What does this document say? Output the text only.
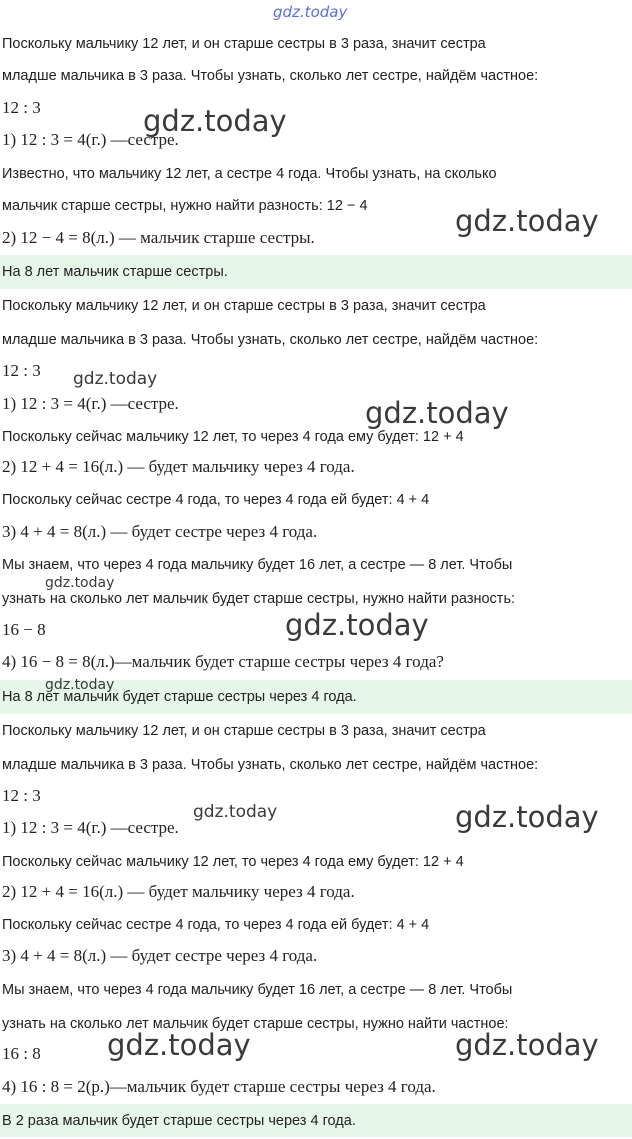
gdz.today
gdz.today
gdz.today
gdz.today
gdz.today
gdz.today
gdz.today
gdz.today
gdz.today	gdz.today
gdz.today	gdz.today
Поскольку мальчику 12 лет, и он старше сестры в 3 раза, значит сестра
младше мальчика в 3 раза. Чтобы узнать, сколько лет сестре, найдём частное:
12 : 3
1) 12 : 3 = 4(г.) —сестре.
Известно, что мальчику 12 лет, а сестре 4 года. Чтобы узнать, на сколько
мальчик старше сестры, нужно найти разность: 12 − 4
2) 12 − 4 = 8(л.) — мальчик старше сестры.
На 8 лет мальчик старше сестры.
Поскольку мальчику 12 лет, и он старше сестры в 3 раза, значит сестра
младше мальчика в 3 раза. Чтобы узнать, сколько лет сестре, найдём частное:
12 : 3
1) 12 : 3 = 4(г.) —сестре.
Поскольку сейчас мальчику 12 лет, то через 4 года ему будет: 12 + 4
2) 12 + 4 = 16(л.) — будет мальчику через 4 года.
Поскольку сейчас сестре 4 года, то через 4 года ей будет: 4 + 4
3) 4 + 4 = 8(л.) — будет сестре через 4 года.
Мы знаем, что через 4 года мальчику будет 16 лет, а сестре — 8 лет. Чтобы
узнать на сколько лет мальчик будет старше сестры, нужно найти разность:
16 − 8
4) 16 − 8 = 8(л.)—мальчик будет старше сестры через 4 года?
На 8 лет мальчик будет старше сестры через 4 года.
Поскольку мальчику 12 лет, и он старше сестры в 3 раза, значит сестра
младше мальчика в 3 раза. Чтобы узнать, сколько лет сестре, найдём частное:
12 : 3
1) 12 : 3 = 4(г.) —сестре.
Поскольку сейчас мальчику 12 лет, то через 4 года ему будет: 12 + 4
2) 12 + 4 = 16(л.) — будет мальчику через 4 года.
Поскольку сейчас сестре 4 года, то через 4 года ей будет: 4 + 4
3) 4 + 4 = 8(л.) — будет сестре через 4 года.
Мы знаем, что через 4 года мальчику будет 16 лет, а сестре — 8 лет. Чтобы
узнать на сколько лет мальчик будет старше сестры, нужно найти частное:
16 : 8
4) 16 : 8 = 2(р.)—мальчик будет старше сестры через 4 года.
В 2 раза мальчик будет старше сестры через 4 года.
